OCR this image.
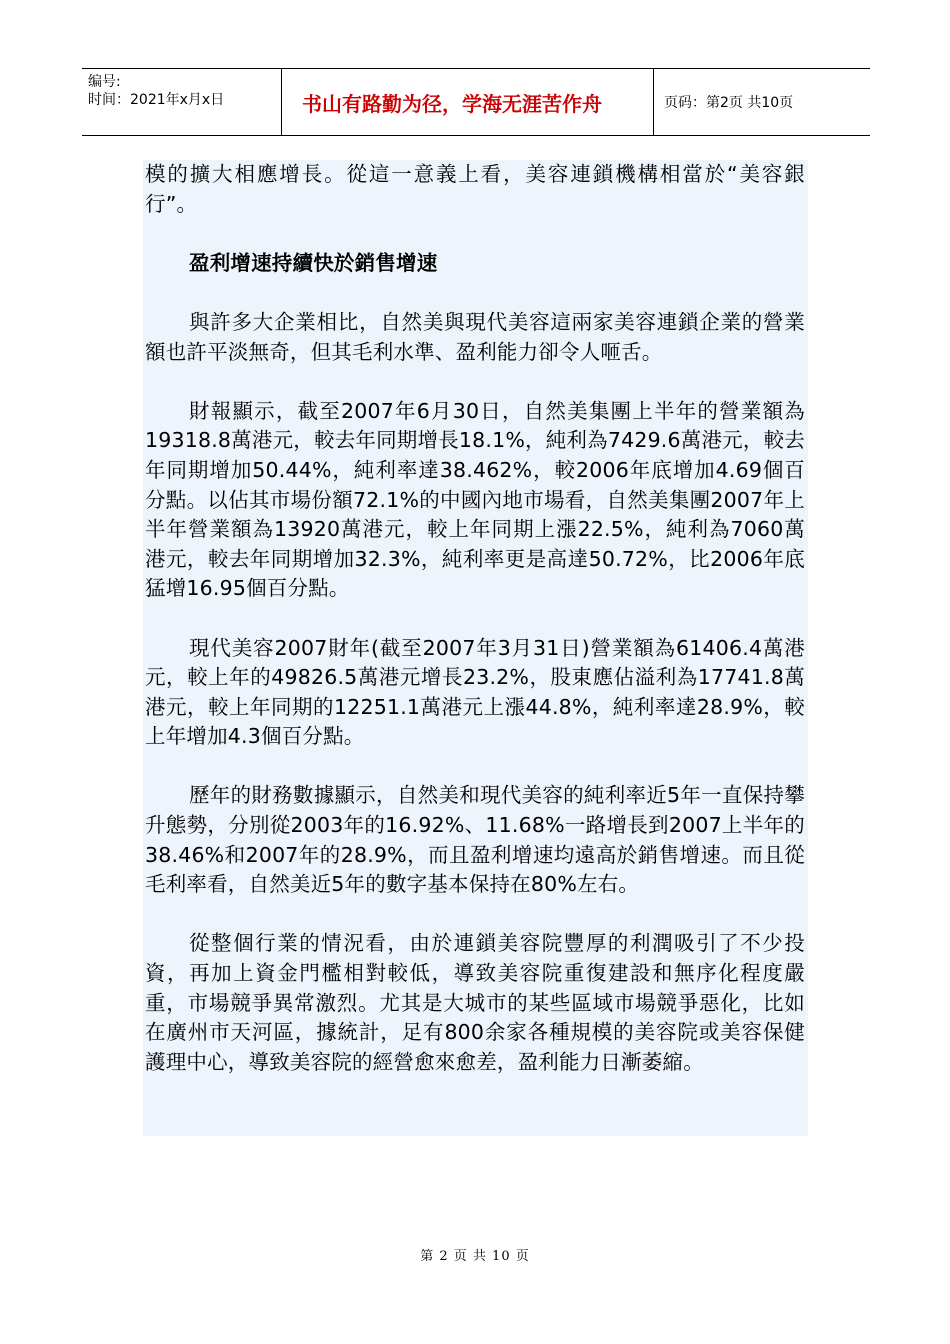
编号:
时间：2021年x月x日	书山有路勤为径，学海无涯苦作舟	页码：第2页 共10页

模的擴大相應增長。從這一意義上看，美容連鎖機構相當於“美容銀行”。

盈利增速持續快於銷售增速

與許多大企業相比，自然美與現代美容這兩家美容連鎖企業的營業額也許平淡無奇，但其毛利水準、盈利能力卻令人咂舌。

財報顯示，截至2007年6月30日，自然美集團上半年的營業額為19318.8萬港元，較去年同期增長18.1%，純利為7429.6萬港元，較去年同期增加50.44%，純利率達38.462%，較2006年底增加4.69個百分點。以佔其市場份額72.1%的中國內地市場看，自然美集團2007年上半年營業額為13920萬港元，較上年同期上漲22.5%，純利為7060萬港元，較去年同期增加32.3%，純利率更是高達50.72%，比2006年底猛增16.95個百分點。

現代美容2007財年(截至2007年3月31日)營業額為61406.4萬港元，較上年的49826.5萬港元增長23.2%，股東應佔溢利為17741.8萬港元，較上年同期的12251.1萬港元上漲44.8%，純利率達28.9%，較上年增加4.3個百分點。

歷年的財務數據顯示，自然美和現代美容的純利率近5年一直保持攀升態勢，分別從2003年的16.92%、11.68%一路增長到2007上半年的38.46%和2007年的28.9%，而且盈利增速均遠高於銷售增速。而且從毛利率看，自然美近5年的數字基本保持在80%左右。

從整個行業的情況看，由於連鎖美容院豐厚的利潤吸引了不少投資，再加上資金門檻相對較低，導致美容院重復建設和無序化程度嚴重，市場競爭異常激烈。尤其是大城市的某些區域市場競爭惡化，比如在廣州市天河區，據統計，足有800余家各種規模的美容院或美容保健護理中心，導致美容院的經營愈來愈差，盈利能力日漸萎縮。

第 2 页 共 10 页
